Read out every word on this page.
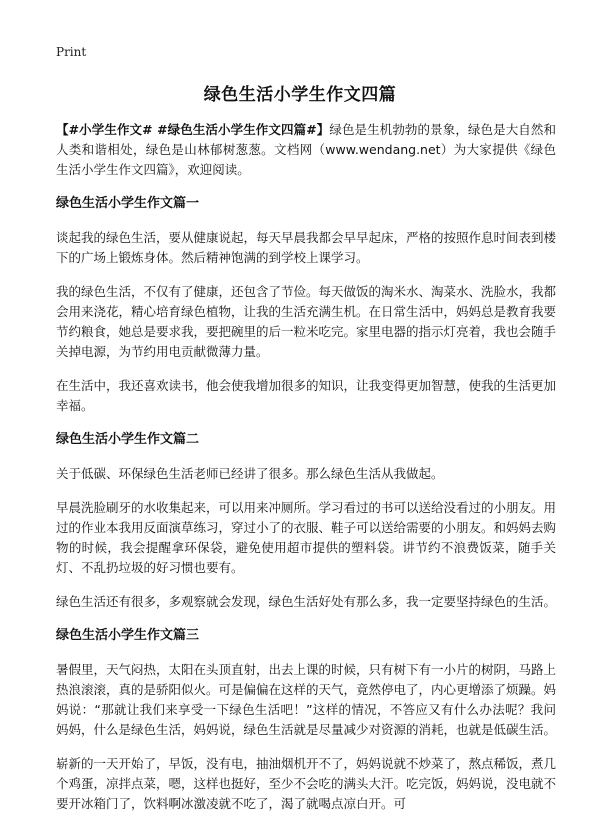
Print
绿色生活小学生作文四篇

【#小学生作文# #绿色生活小学生作文四篇#】绿色是生机勃勃的景象，绿色是大自然和人类和谐相处，绿色是山林郁树葱葱。文档网（www.wendang.net）为大家提供《绿色生活小学生作文四篇》，欢迎阅读。

绿色生活小学生作文篇一

谈起我的绿色生活，要从健康说起，每天早晨我都会早早起床，严格的按照作息时间表到楼下的广场上锻炼身体。然后精神饱满的到学校上课学习。

我的绿色生活，不仅有了健康，还包含了节俭。每天做饭的淘米水、淘菜水、洗脸水，我都会用来浇花，精心培育绿色植物，让我的生活充满生机。在日常生活中，妈妈总是教育我要节约粮食，她总是要求我，要把碗里的后一粒米吃完。家里电器的指示灯亮着，我也会随手关掉电源，为节约用电贡献微薄力量。

在生活中，我还喜欢读书，他会使我增加很多的知识，让我变得更加智慧，使我的生活更加幸福。

绿色生活小学生作文篇二

关于低碳、环保绿色生活老师已经讲了很多。那么绿色生活从我做起。

早晨洗脸刷牙的水收集起来，可以用来冲厕所。学习看过的书可以送给没看过的小朋友。用过的作业本我用反面演草练习，穿过小了的衣服、鞋子可以送给需要的小朋友。和妈妈去购物的时候，我会提醒拿环保袋，避免使用超市提供的塑料袋。讲节约不浪费饭菜，随手关灯、不乱扔垃圾的好习惯也要有。

绿色生活还有很多，多观察就会发现，绿色生活好处有那么多，我一定要坚持绿色的生活。

绿色生活小学生作文篇三

暑假里，天气闷热，太阳在头顶直射，出去上课的时候，只有树下有一小片的树阴，马路上热浪滚滚，真的是骄阳似火。可是偏偏在这样的天气，竟然停电了，内心更增添了烦躁。妈妈说：“那就让我们来享受一下绿色生活吧！”这样的情况，不答应又有什么办法呢？我问妈妈，什么是绿色生活，妈妈说，绿色生活就是尽量减少对资源的消耗，也就是低碳生活。

崭新的一天开始了，早饭，没有电，抽油烟机开不了，妈妈说就不炒菜了，熬点稀饭，煮几个鸡蛋，凉拌点菜，嗯，这样也挺好，至少不会吃的满头大汗。吃完饭，妈妈说，没电就不要开冰箱门了，饮料啊冰激凌就不吃了，渴了就喝点凉白开。可
